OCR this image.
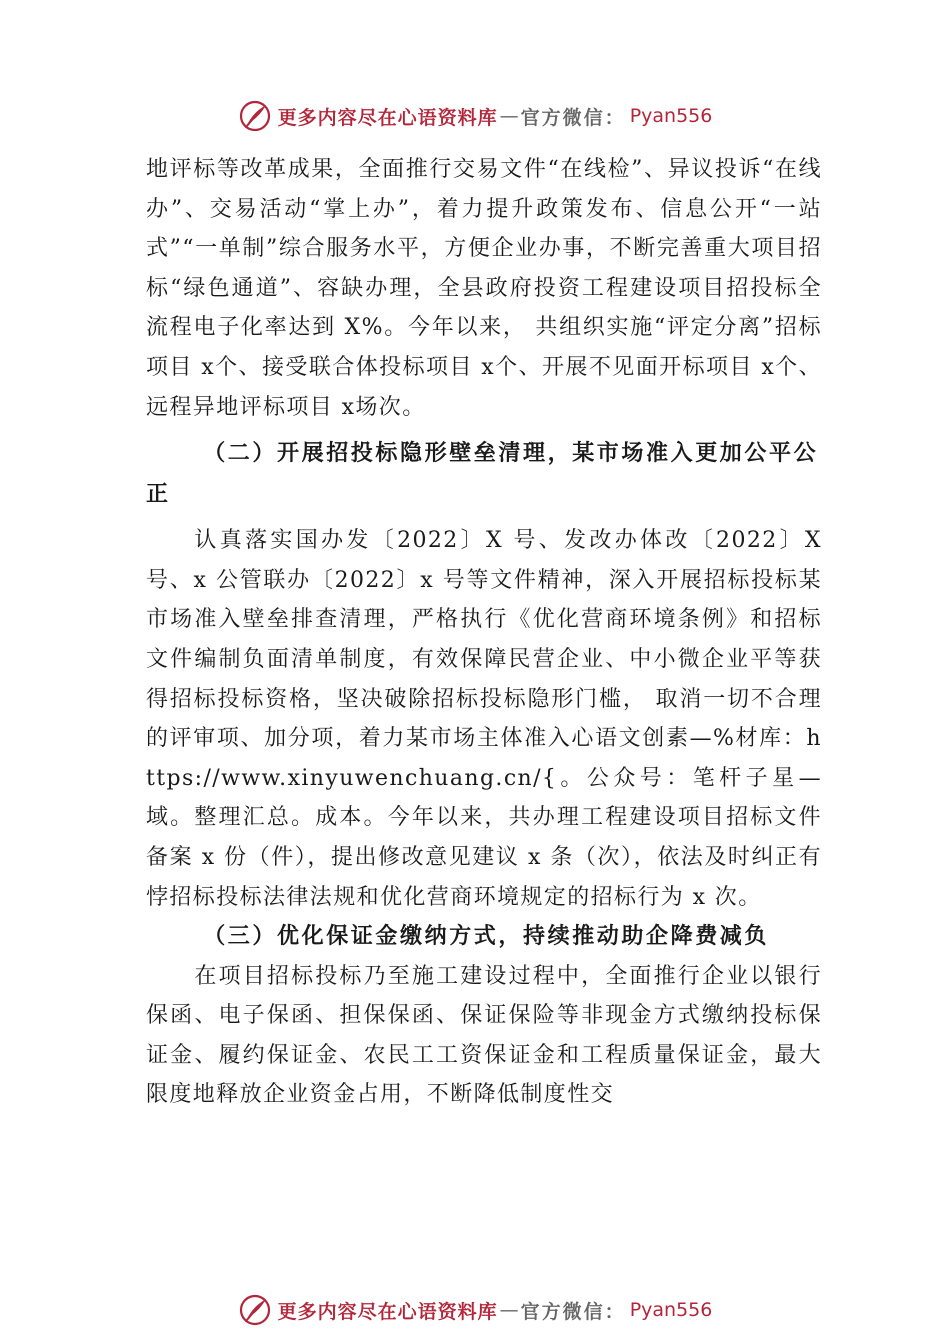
更多内容尽在心语资料库 — 官方微信： Pyan556

地评标等改革成果，全面推行交易文件“在线检”、异议投诉“在线办”、交易活动“掌上办”，着力提升政策发布、信息公开“一站式”“一单制”综合服务水平，方便企业办事，不断完善重大项目招标“绿色通道”、容缺办理，全县政府投资工程建设项目招投标全流程电子化率达到 X%。今年以来， 共组织实施“评定分离”招标项目 x个、接受联合体投标项目 x个、开展不见面开标项目 x个、远程异地评标项目 x场次。

（二）开展招投标隐形壁垒清理，某市场准入更加公平公正

认真落实国办发〔2022〕X 号、发改办体改〔2022〕X 号、x 公管联办〔2022〕x 号等文件精神，深入开展招标投标某市场准入壁垒排查清理，严格执行《优化营商环境条例》和招标文件编制负面清单制度，有效保障民营企业、中小微企业平等获得招标投标资格，坚决破除招标投标隐形门槛， 取消一切不合理的评审项、加分项，着力某市场主体准入心语文创素—%材库：https://www.xinyuwenchuang.cn/{。公众号：笔杆子星—域。整理汇总。成本。今年以来，共办理工程建设项目招标文件备案 x 份（件），提出修改意见建议 x 条（次），依法及时纠正有悖招标投标法律法规和优化营商环境规定的招标行为 x 次。

（三）优化保证金缴纳方式，持续推动助企降费减负

在项目招标投标乃至施工建设过程中，全面推行企业以银行保函、电子保函、担保保函、保证保险等非现金方式缴纳投标保证金、履约保证金、农民工工资保证金和工程质量保证金，最大限度地释放企业资金占用，不断降低制度性交

更多内容尽在心语资料库 — 官方微信： Pyan556
